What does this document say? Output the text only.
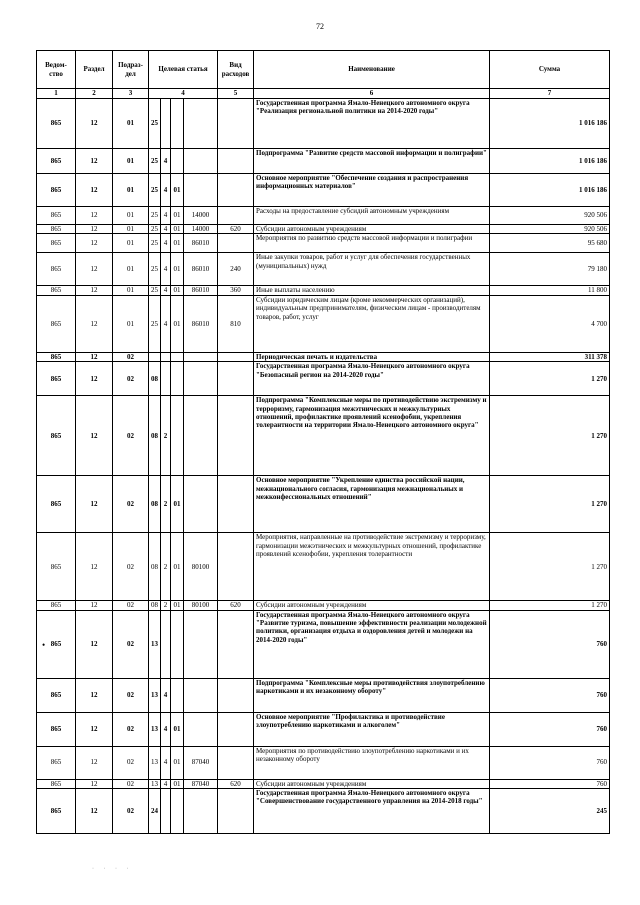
72
Ведом-ство	Раздел	Подраз-дел	Целевая статья				Вид расходов	Наименование	Сумма
1	2	3	4				5	6	7
865	12	01	25					Государственная программа Ямало-Ненецкого автономного округа "Реализация региональной политики на 2014-2020 годы"	1 016 186
865	12	01	25	4				Подпрограмма "Развитие средств массовой информации и полиграфии"	1 016 186
865	12	01	25	4	01			Основное мероприятие "Обеспечение создания и распространения информационных материалов"	1 016 186
865	12	01	25	4	01	14000		Расходы на предоставление субсидий автономным учреждениям	920 506
865	12	01	25	4	01	14000	620	Субсидии автономным учреждениям	920 506
865	12	01	25	4	01	86010		Мероприятия по развитию средств массовой информации и полиграфии	95 680
865	12	01	25	4	01	86010	240	Иные закупки товаров, работ и услуг для обеспечения государственных (муниципальных) нужд	79 180
865	12	01	25	4	01	86010	360	Иные выплаты населению	11 800
865	12	01	25	4	01	86010	810	Субсидии юридическим лицам (кроме некоммерческих организаций), индивидуальным предпринимателям, физическим лицам - производителям товаров, работ, услуг	4 700
865	12	02						Периодическая печать и издательства	311 378
865	12	02	08					Государственная программа Ямало-Ненецкого автономного округа "Безопасный регион на 2014-2020 годы"	1 270
865	12	02	08	2				Подпрограмма "Комплексные меры по противодействию экстремизму и терроризму, гармонизация межэтнических и межкультурных отношений, профилактике проявлений ксенофобии, укрепления толерантности на территории Ямало-Ненецкого автономного округа"	1 270
865	12	02	08	2	01			Основное мероприятие "Укрепление единства российской нации, межнационального согласия, гармонизация межнациональных и межконфессиональных отношений"	1 270
865	12	02	08	2	01	80100		Мероприятия, направленные на противодействие экстремизму и терроризму, гармонизации межэтнических и межкультурных отношений, профилактике проявлений ксенофобии, укрепления толерантности	1 270
865	12	02	08	2	01	80100	620	Субсидии автономным учреждениям	1 270
865	12	02	13					Государственная программа Ямало-Ненецкого автономного округа "Развитие туризма, повышение эффективности реализации молодежной политики, организация отдыха и оздоровления детей и молодежи на 2014-2020 годы"	760
865	12	02	13	4				Подпрограмма "Комплексные меры противодействия злоупотреблению наркотиками и их незаконному обороту"	760
865	12	02	13	4	01			Основное мероприятие "Профилактика и противодействие злоупотреблению наркотиками и алкоголем"	760
865	12	02	13	4	01	87040		Мероприятия по противодействию злоупотреблению наркотиками и их незаконному обороту	760
865	12	02	13	4	01	87040	620	Субсидии автономным учреждениям	760
865	12	02	24					Государственная программа Ямало-Ненецкого автономного округа "Совершенствование государственного управления на 2014-2018 годы"	245
•
· · · ·
